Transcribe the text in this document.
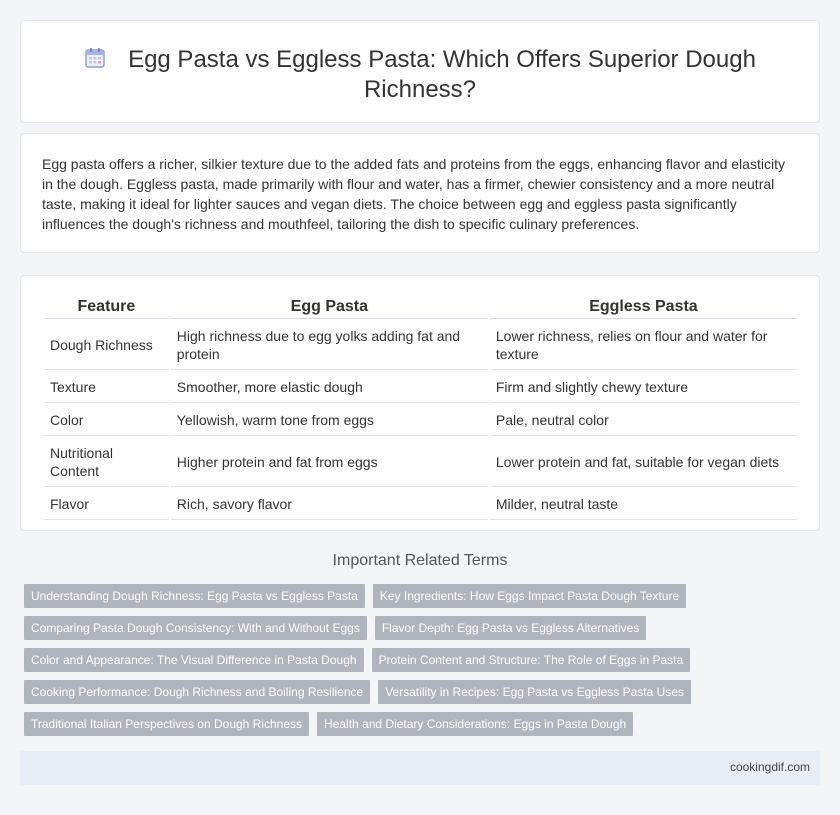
Egg Pasta vs Eggless Pasta: Which Offers Superior Dough Richness?

Egg pasta offers a richer, silkier texture due to the added fats and proteins from the eggs, enhancing flavor and elasticity in the dough. Eggless pasta, made primarily with flour and water, has a firmer, chewier consistency and a more neutral taste, making it ideal for lighter sauces and vegan diets. The choice between egg and eggless pasta significantly influences the dough's richness and mouthfeel, tailoring the dish to specific culinary preferences.

Feature	Egg Pasta	Eggless Pasta
Dough Richness	High richness due to egg yolks adding fat and protein	Lower richness, relies on flour and water for texture
Texture	Smoother, more elastic dough	Firm and slightly chewy texture
Color	Yellowish, warm tone from eggs	Pale, neutral color
Nutritional Content	Higher protein and fat from eggs	Lower protein and fat, suitable for vegan diets
Flavor	Rich, savory flavor	Milder, neutral taste
Important Related Terms
Understanding Dough Richness: Egg Pasta vs Eggless Pasta	Key Ingredients: How Eggs Impact Pasta Dough Texture
Comparing Pasta Dough Consistency: With and Without Eggs	Flavor Depth: Egg Pasta vs Eggless Alternatives
Color and Appearance: The Visual Difference in Pasta Dough	Protein Content and Structure: The Role of Eggs in Pasta
Cooking Performance: Dough Richness and Boiling Resilience	Versatility in Recipes: Egg Pasta vs Eggless Pasta Uses
Traditional Italian Perspectives on Dough Richness	Health and Dietary Considerations: Eggs in Pasta Dough
cookingdif.com
